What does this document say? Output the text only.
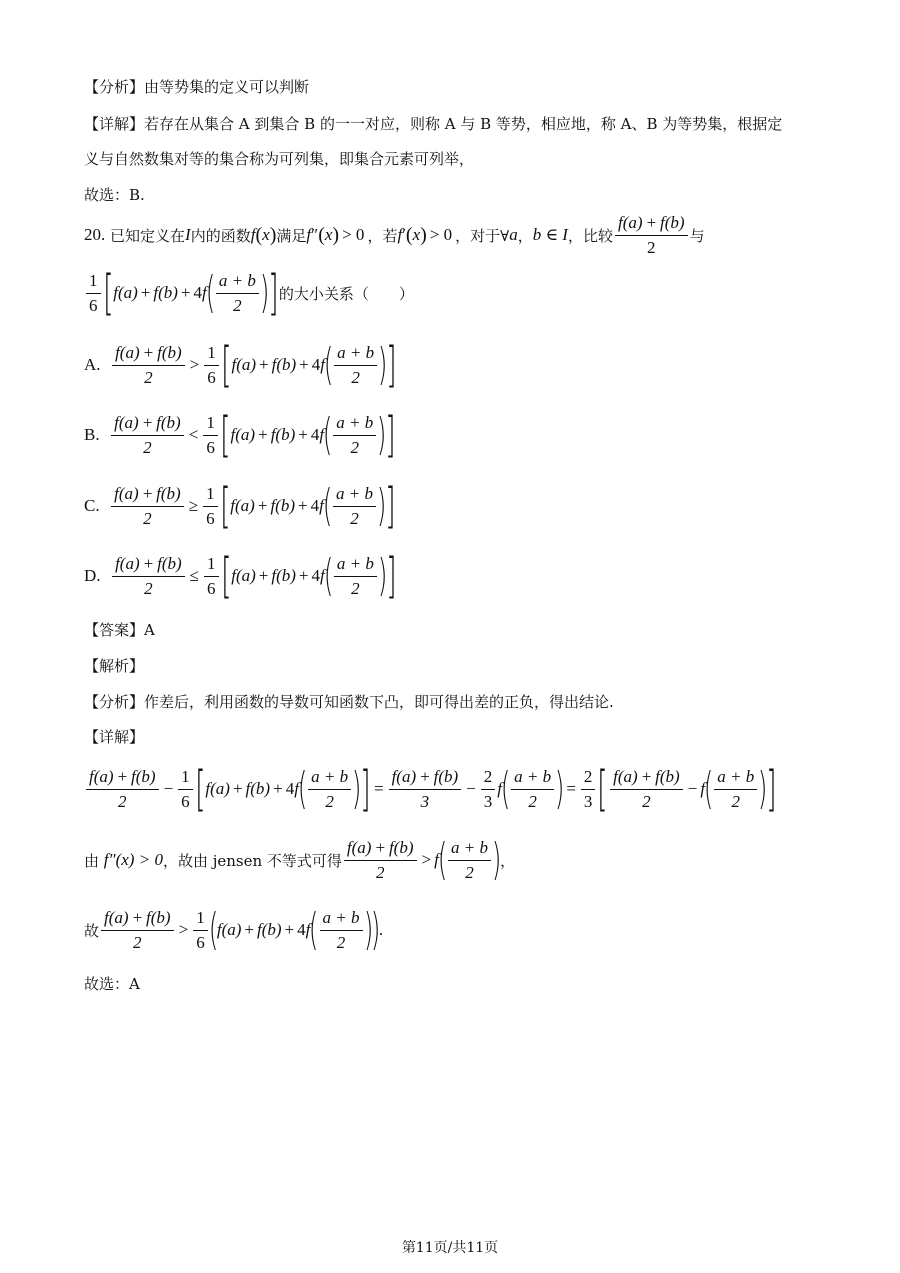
【分析】由等势集的定义可以判断
【详解】若存在从集合 A 到集合 B 的一一对应，则称 A 与 B 等势，相应地，称 A、B 为等势集，根据定
义与自然数集对等的集合称为可列集，即集合元素可列举，
故选：B.
20.
已知定义在 I 内的函数 f ( x ) 满足 f ″ ( x ) > 0 ，若 f ′ ( x ) > 0 ，对于∀ a ， b ∈ I ，比较 $\frac{f(a) + f(b)}{2}$ 与
$\frac{1}{6}$ [ f(a) + f(b) + 4 f
( $\frac{a + b}{2}$ ) ] 的大小关系（　　）
A.
$\frac{f(a) + f(b)}{2} > \frac{1}{6}$ [ f(a) + f(b) + 4 f
( $\frac{a + b}{2}$ ) ]
B.
$\frac{f(a) + f(b)}{2} < \frac{1}{6}$ [ f(a) + f(b) + 4 f
( $\frac{a + b}{2}$ ) ]
C.
$\frac{f(a) + f(b)}{2} \ge \frac{1}{6}$ [ f(a) + f(b) + 4 f
( $\frac{a + b}{2}$ ) ]
D.
$\frac{f(a) + f(b)}{2} \le \frac{1}{6}$ [ f(a) + f(b) + 4 f
( $\frac{a + b}{2}$ ) ]
【答案】A
【解析】
【分析】作差后，利用函数的导数可知函数下凸，即可得出差的正负，得出结论.
【详解】
$\frac{f(a) + f(b)}{2} - \frac{1}{6}$ [ f(a) + f(b) + 4 f
( $\frac{a + b}{2}$ ) ] = $\frac{f(a) + f(b)}{3} - \frac{2}{3}$ f
( $\frac{a + b}{2}$ ) = $\frac{2}{3}$ [ $\frac{f(a) + f(b)}{2} - f$
( $\frac{a + b}{2}$ ) ]
由
f″(x) > 0 ，故由 jensen 不等式可得 $\frac{f(a) + f(b)}{2} > f$
( $\frac{a + b}{2}$ )
，
故 $\frac{f(a) + f(b)}{2} > \frac{1}{6}$ (
f(a) + f(b) + 4 f
( $\frac{a + b}{2}$ )
)
.
故选：A
第11页/共11页
